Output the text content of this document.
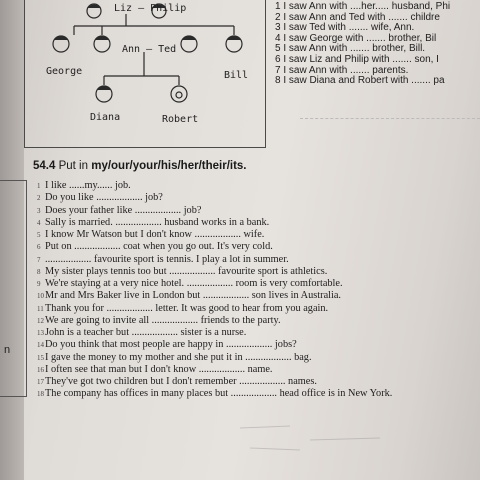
n
Liz – Philip
Ann – Ted
George	Bill
Diana	Robert
1 I saw Ann with ....her..... husband, Phi
2 I saw Ann and Ted with ....... childre
3 I saw Ted with ....... wife, Ann.
4 I saw George with ....... brother, Bil
5 I saw Ann with ....... brother, Bill.
6 I saw Liz and Philip with ....... son, I
7 I saw Ann with ....... parents.
8 I saw Diana and Robert with ....... pa
54.4 Put in my/our/your/his/her/their/its.
1 I like ......my...... job.
2 Do you like .................. job?
3 Does your father like .................. job?
4 Sally is married. .................. husband works in a bank.
5 I know Mr Watson but I don't know .................. wife.
6 Put on .................. coat when you go out. It's very cold.
7 .................. favourite sport is tennis. I play a lot in summer.
8 My sister plays tennis too but .................. favourite sport is athletics.
9 We're staying at a very nice hotel. .................. room is very comfortable.
10Mr and Mrs Baker live in London but .................. son lives in Australia.
11Thank you for .................. letter. It was good to hear from you again.
12We are going to invite all .................. friends to the party.
13John is a teacher but .................. sister is a nurse.
14Do you think that most people are happy in .................. jobs?
15I gave the money to my mother and she put it in .................. bag.
16I often see that man but I don't know .................. name.
17They've got two children but I don't remember .................. names.
18The company has offices in many places but .................. head office is in New York.
